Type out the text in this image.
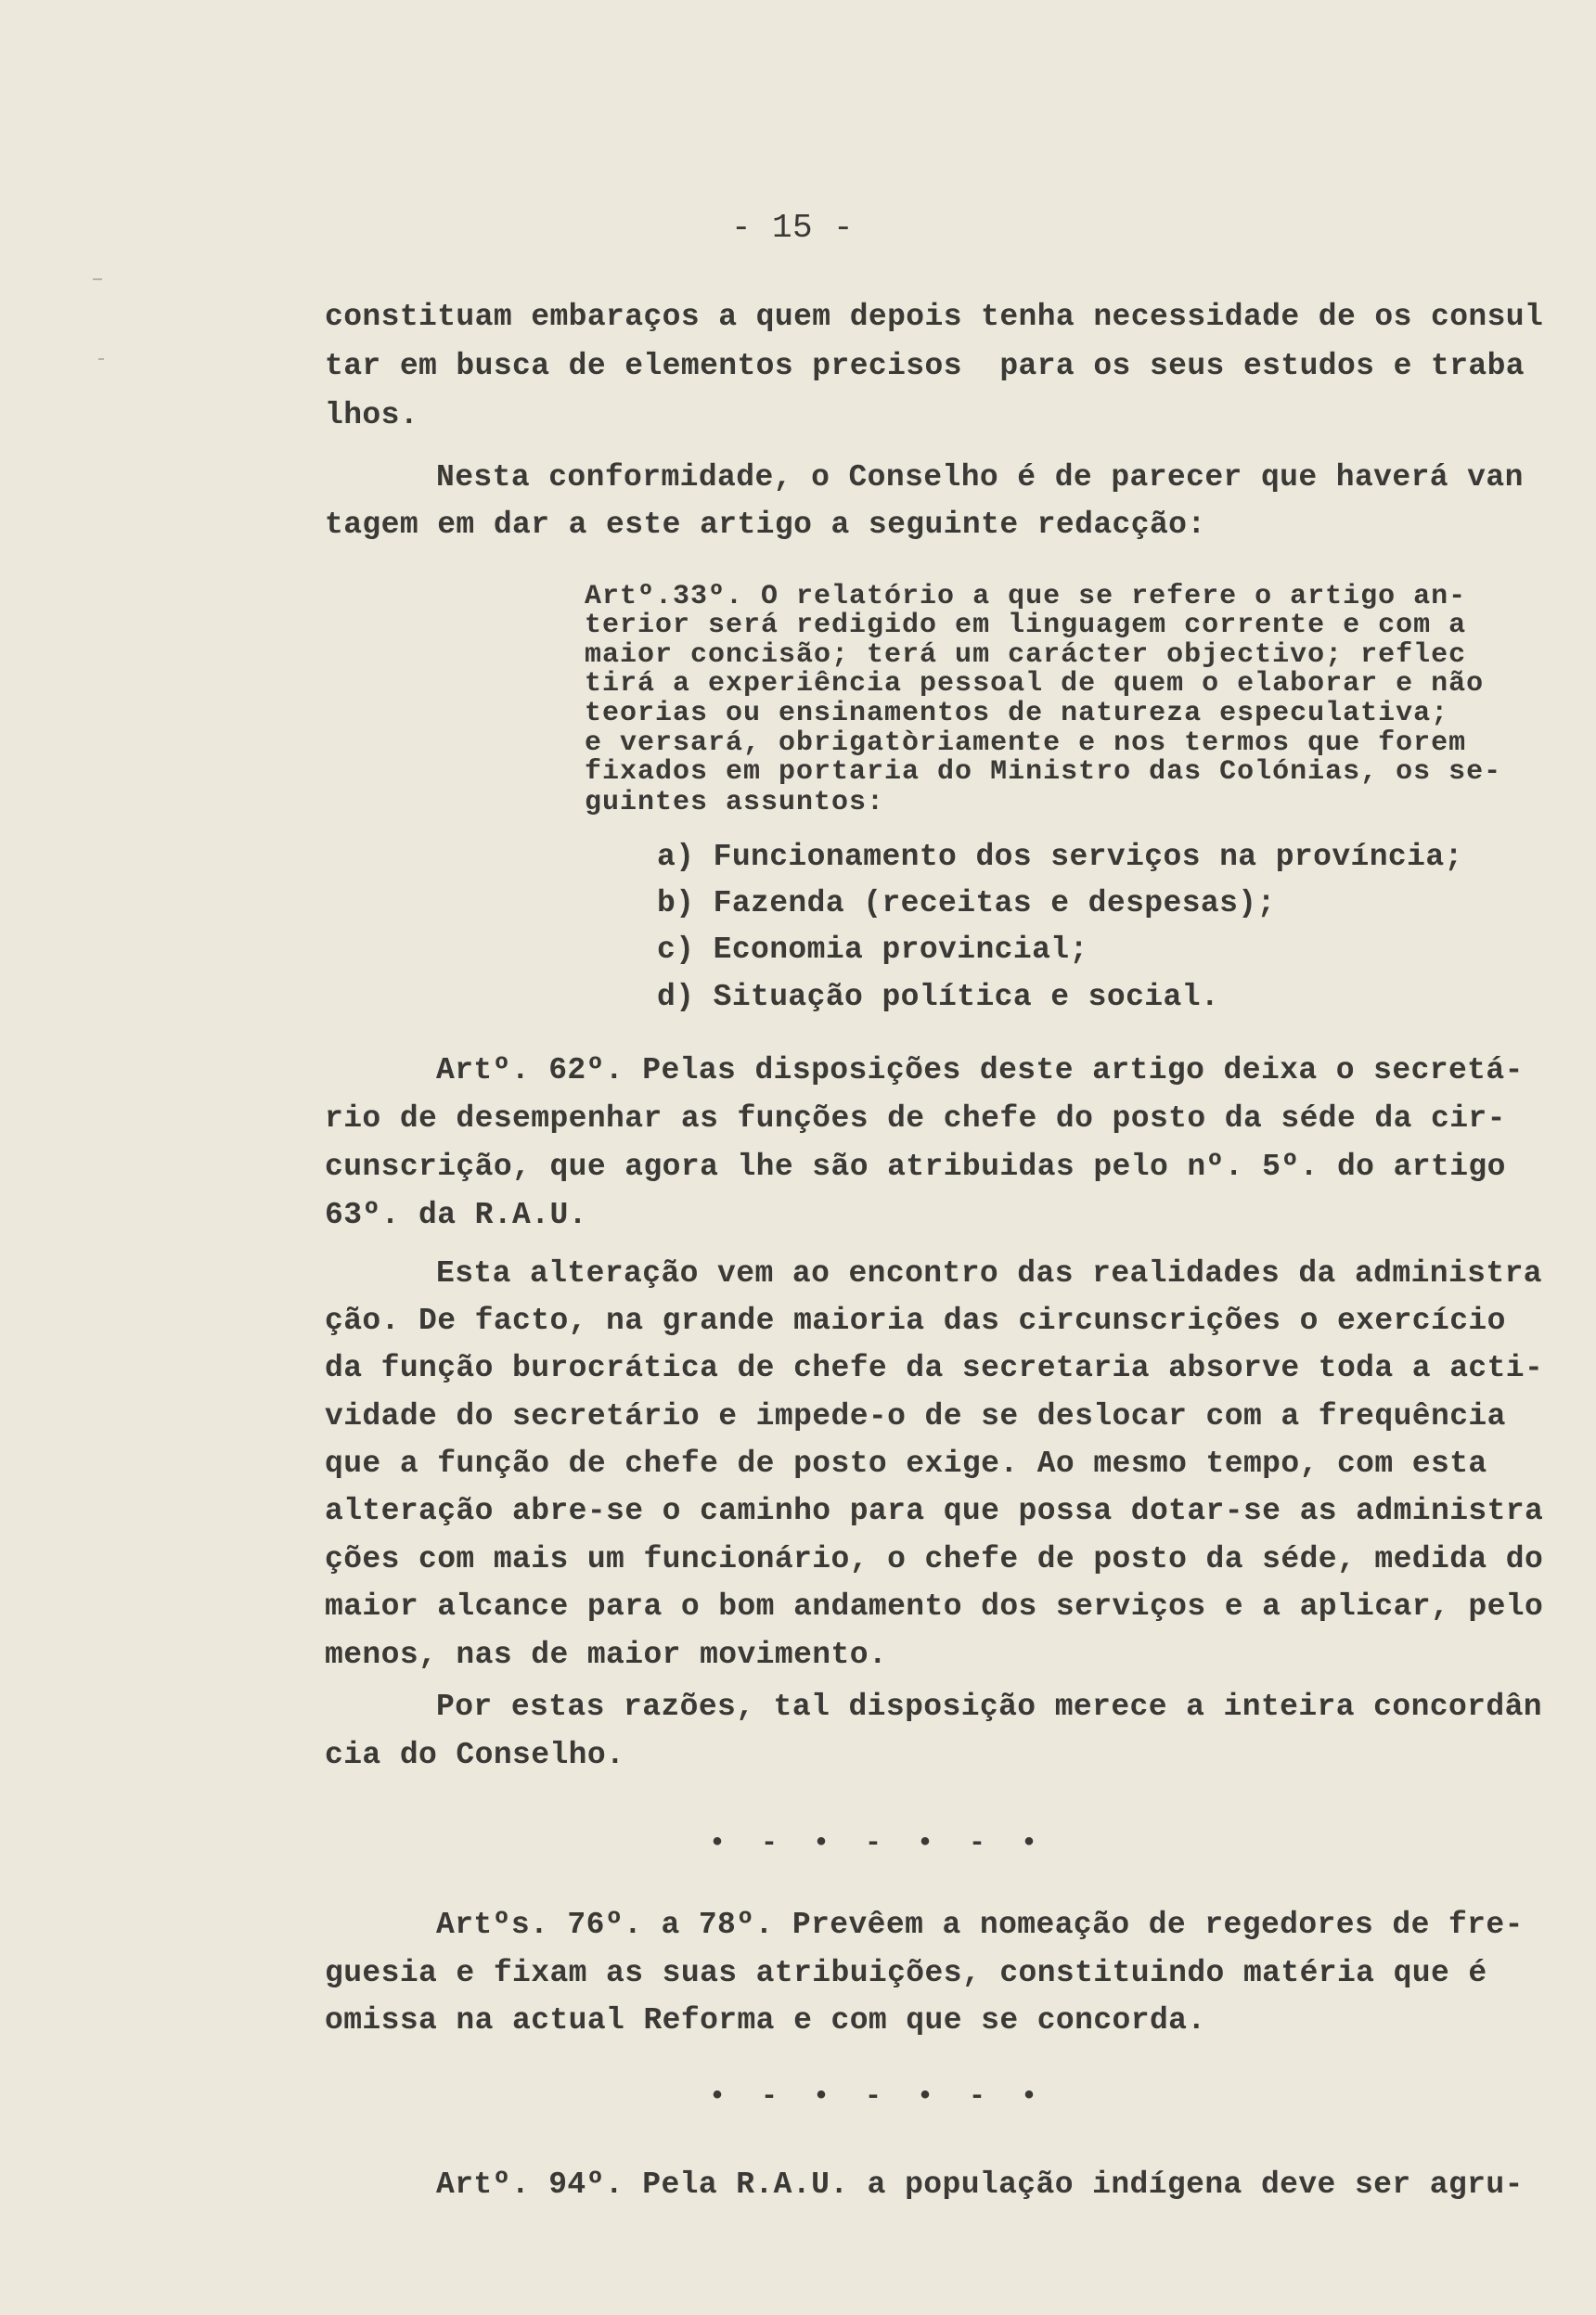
- 15 -
constituam embaraços a quem depois tenha necessidade de os consul
tar em busca de elementos precisos  para os seus estudos e traba
lhos.
Nesta conformidade, o Conselho é de parecer que haverá van
tagem em dar a este artigo a seguinte redacção:
Artº.33º. O relatório a que se refere o artigo an-
terior será redigido em linguagem corrente e com a
maior concisão; terá um carácter objectivo; reflec
tirá a experiência pessoal de quem o elaborar e não
teorias ou ensinamentos de natureza especulativa;
e versará, obrigatòriamente e nos termos que forem
fixados em portaria do Ministro das Colónias, os se-
guintes assuntos:
a) Funcionamento dos serviços na província;
b) Fazenda (receitas e despesas);
c) Economia provincial;
d) Situação política e social.
Artº. 62º. Pelas disposições deste artigo deixa o secretá-
rio de desempenhar as funções de chefe do posto da séde da cir-
cunscrição, que agora lhe são atribuidas pelo nº. 5º. do artigo
63º. da R.A.U.
Esta alteração vem ao encontro das realidades da administra
ção. De facto, na grande maioria das circunscrições o exercício
da função burocrática de chefe da secretaria absorve toda a acti-
vidade do secretário e impede-o de se deslocar com a frequência
que a função de chefe de posto exige. Ao mesmo tempo, com esta
alteração abre-se o caminho para que possa dotar-se as administra
ções com mais um funcionário, o chefe de posto da séde, medida do
maior alcance para o bom andamento dos serviços e a aplicar, pelo
menos, nas de maior movimento.
Por estas razões, tal disposição merece a inteira concordân
cia do Conselho.
• - • - • - •
Artºs. 76º. a 78º. Prevêem a nomeação de regedores de fre-
guesia e fixam as suas atribuições, constituindo matéria que é
omissa na actual Reforma e com que se concorda.
• - • - • - •
Artº. 94º. Pela R.A.U. a população indígena deve ser agru-
